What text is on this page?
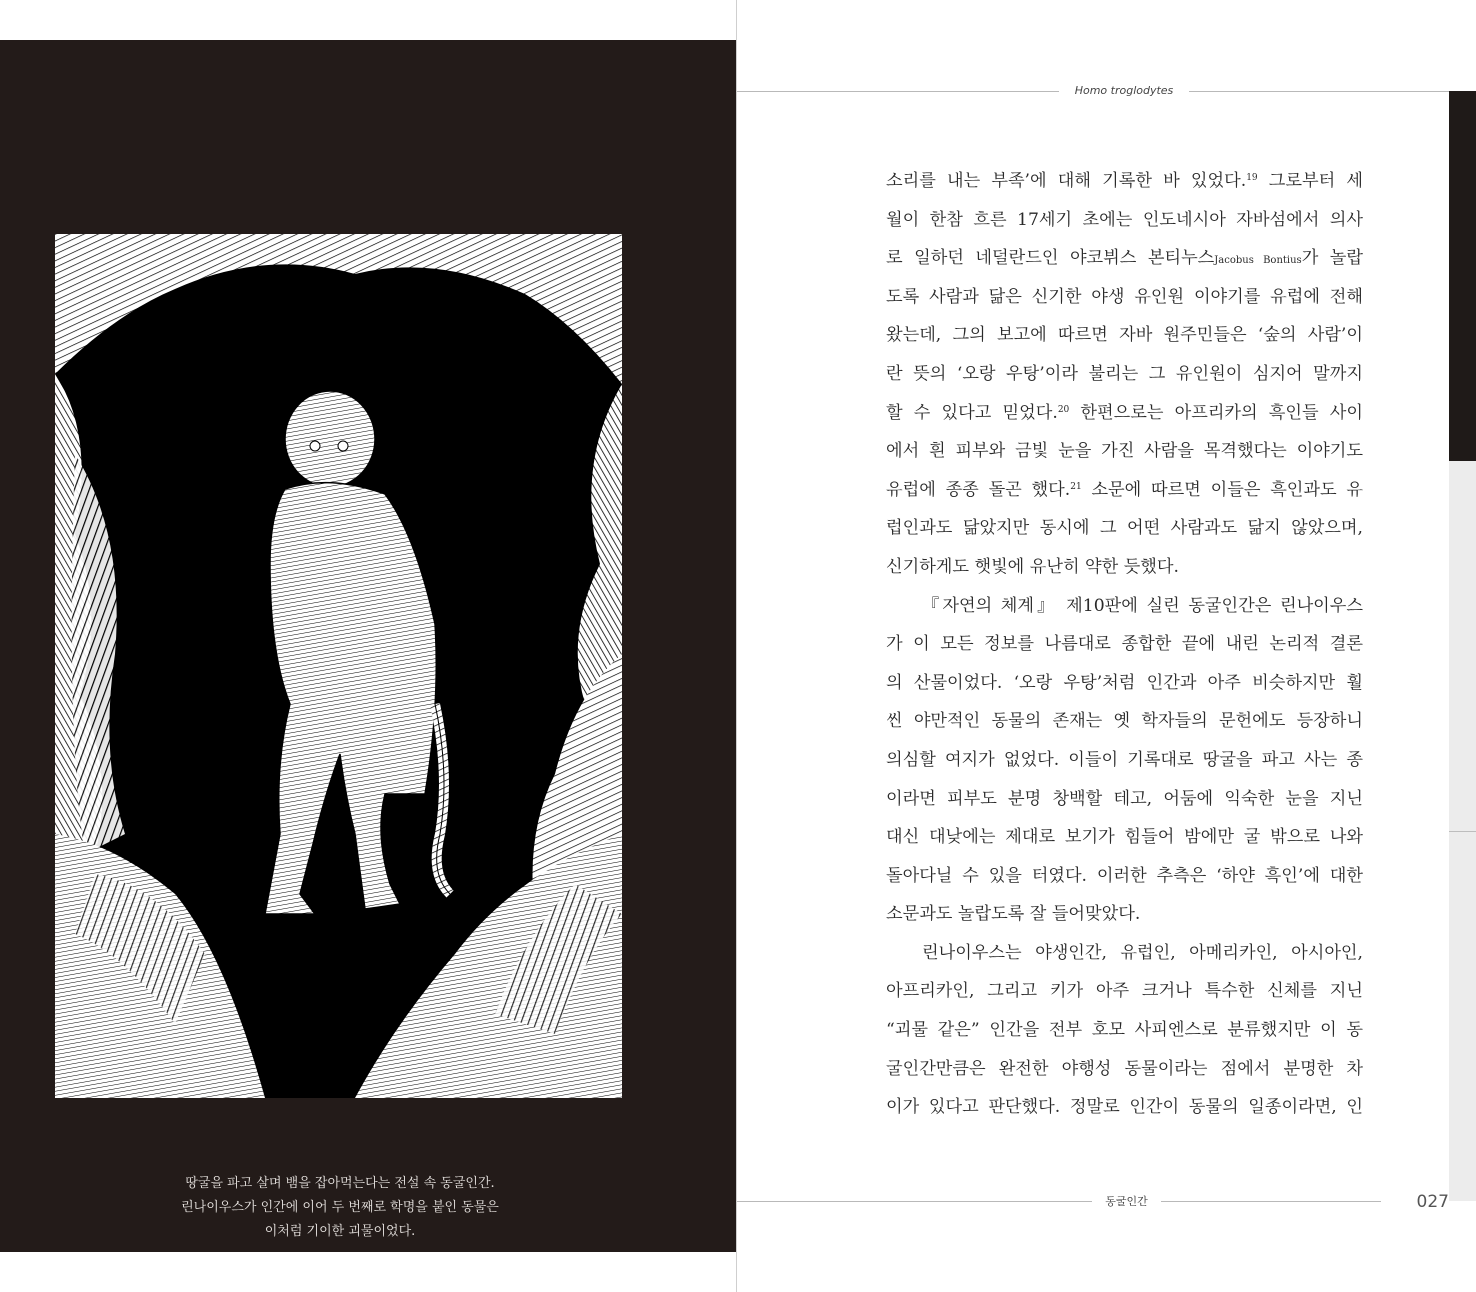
땅굴을 파고 살며 뱀을 잡아먹는다는 전설 속 동굴인간.
린나이우스가 인간에 이어 두 번째로 학명을 붙인 동물은
이처럼 기이한 괴물이었다.
Homo troglodytes
소리를 내는 부족’에 대해 기록한 바 있었다.$^{19}$ 그로부터 세
월이 한참 흐른 17세기 초에는 인도네시아 자바섬에서 의사
로 일하던 네덜란드인 야코뷔스 본티누스Jacobus Bontius가 놀랍
도록 사람과 닮은 신기한 야생 유인원 이야기를 유럽에 전해
왔는데, 그의 보고에 따르면 자바 원주민들은 ‘숲의 사람’이
란 뜻의 ‘오랑 우탕’이라 불리는 그 유인원이 심지어 말까지
할 수 있다고 믿었다.$^{20}$ 한편으로는 아프리카의 흑인들 사이
에서 흰 피부와 금빛 눈을 가진 사람을 목격했다는 이야기도
유럽에 종종 돌곤 했다.$^{21}$ 소문에 따르면 이들은 흑인과도 유
럽인과도 닮았지만 동시에 그 어떤 사람과도 닮지 않았으며,
신기하게도 햇빛에 유난히 약한 듯했다.
『자연의 체계』 제10판에 실린 동굴인간은 린나이우스
가 이 모든 정보를 나름대로 종합한 끝에 내린 논리적 결론
의 산물이었다. ‘오랑 우탕’처럼 인간과 아주 비슷하지만 훨
씬 야만적인 동물의 존재는 옛 학자들의 문헌에도 등장하니
의심할 여지가 없었다. 이들이 기록대로 땅굴을 파고 사는 종
이라면 피부도 분명 창백할 테고, 어둠에 익숙한 눈을 지닌
대신 대낮에는 제대로 보기가 힘들어 밤에만 굴 밖으로 나와
돌아다닐 수 있을 터였다. 이러한 추측은 ‘하얀 흑인’에 대한
소문과도 놀랍도록 잘 들어맞았다.
린나이우스는 야생인간, 유럽인, 아메리카인, 아시아인,
아프리카인, 그리고 키가 아주 크거나 특수한 신체를 지닌
“괴물 같은” 인간을 전부 호모 사피엔스로 분류했지만 이 동
굴인간만큼은 완전한 야행성 동물이라는 점에서 분명한 차
이가 있다고 판단했다. 정말로 인간이 동물의 일종이라면, 인
동굴인간	027
